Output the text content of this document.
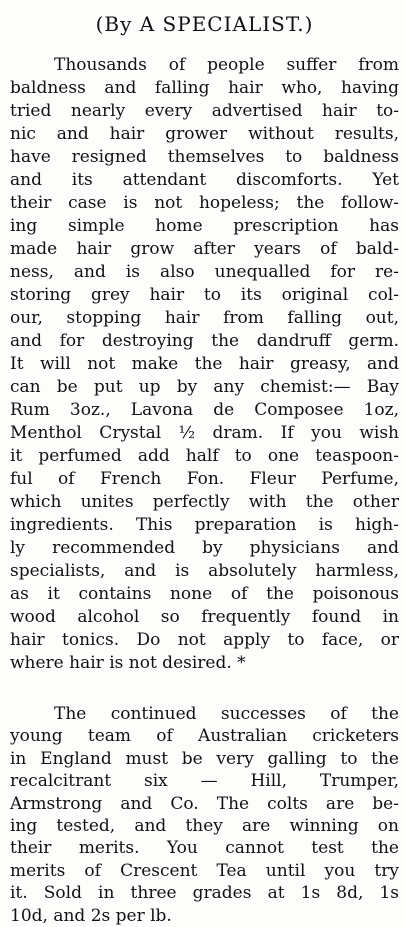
(By A SPECIALIST.)

Thousands of people suffer from
baldness and falling hair who, having
tried nearly every advertised hair to-
nic and hair grower without results,
have resigned themselves to baldness
and its attendant discomforts. Yet
their case is not hopeless; the follow-
ing simple home prescription has
made hair grow after years of bald-
ness, and is also unequalled for re-
storing grey hair to its original col-
our, stopping hair from falling out,
and for destroying the dandruff germ.
It will not make the hair greasy, and
can be put up by any chemist:— Bay
Rum 3oz., Lavona de Composee 1oz,
Menthol Crystal ½ dram. If you wish
it perfumed add half to one teaspoon-
ful of French Fon. Fleur Perfume,
which unites perfectly with the other
ingredients. This preparation is high-
ly recommended by physicians and
specialists, and is absolutely harmless,
as it contains none of the poisonous
wood alcohol so frequently found in
hair tonics. Do not apply to face, or
where hair is not desired. *

The continued successes of the
young team of Australian cricketers
in England must be very galling to the
recalcitrant six — Hill, Trumper,
Armstrong and Co. The colts are be-
ing tested, and they are winning on
their merits. You cannot test the
merits of Crescent Tea until you try
it. Sold in three grades at 1s 8d, 1s
10d, and 2s per lb.
